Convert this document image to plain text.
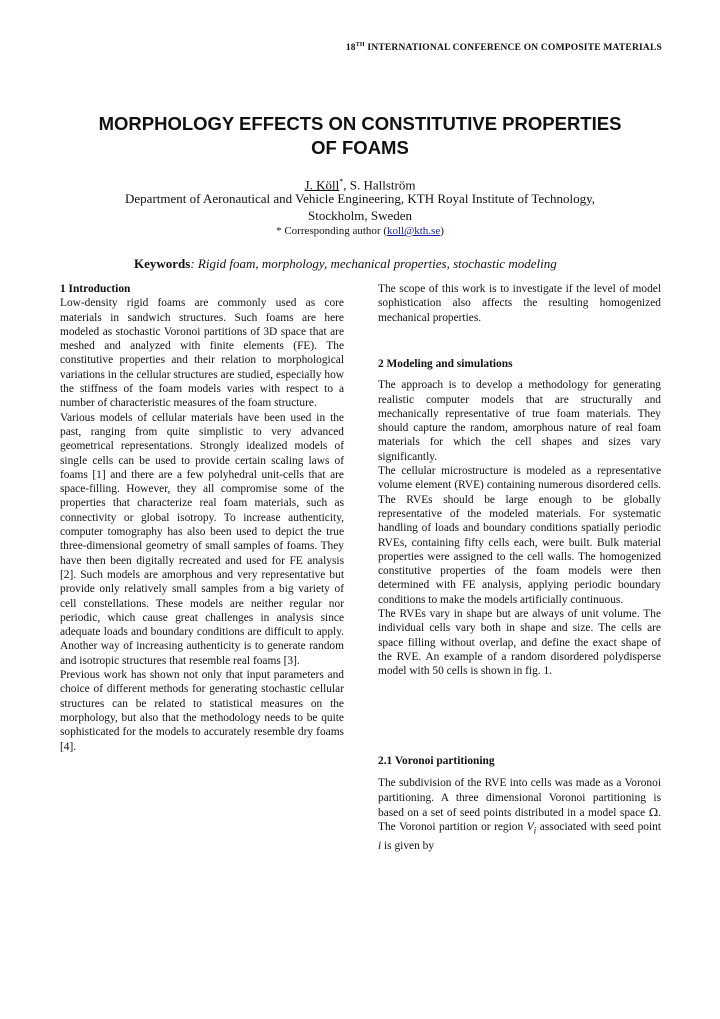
18TH INTERNATIONAL CONFERENCE ON COMPOSITE MATERIALS
MORPHOLOGY EFFECTS ON CONSTITUTIVE PROPERTIES
OF FOAMS
J. Köll*, S. Hallström
Department of Aeronautical and Vehicle Engineering, KTH Royal Institute of Technology,
Stockholm, Sweden
* Corresponding author (koll@kth.se)
Keywords: Rigid foam, morphology, mechanical properties, stochastic modeling

1 Introduction

Low-density rigid foams are commonly used as core materials in sandwich structures. Such foams are here modeled as stochastic Voronoi partitions of 3D space that are meshed and analyzed with finite elements (FE). The constitutive properties and their relation to morphological variations in the cellular structures are studied, especially how the stiffness of the foam models varies with respect to a number of characteristic measures of the foam structure.

Various models of cellular materials have been used in the past, ranging from quite simplistic to very advanced geometrical representations. Strongly idealized models of single cells can be used to provide certain scaling laws of foams [1] and there are a few polyhedral unit-cells that are space-filling. However, they all compromise some of the properties that characterize real foam materials, such as connectivity or global isotropy. To increase authenticity, computer tomography has also been used to depict the true three-dimensional geometry of small samples of foams. They have then been digitally recreated and used for FE analysis [2]. Such models are amorphous and very representative but provide only relatively small samples from a big variety of cell constellations. These models are neither regular nor periodic, which cause great challenges in analysis since adequate loads and boundary conditions are difficult to apply. Another way of increasing authenticity is to generate random and isotropic structures that resemble real foams [3].

Previous work has shown not only that input parameters and choice of different methods for generating stochastic cellular structures can be related to statistical measures on the morphology, but also that the methodology needs to be quite sophisticated for the models to accurately resemble dry foams [4].

The scope of this work is to investigate if the level of model sophistication also affects the resulting homogenized mechanical properties.

2 Modeling and simulations

The approach is to develop a methodology for generating realistic computer models that are structurally and mechanically representative of true foam materials. They should capture the random, amorphous nature of real foam materials for which the cell shapes and sizes vary significantly.

The cellular microstructure is modeled as a representative volume element (RVE) containing numerous disordered cells. The RVEs should be large enough to be globally representative of the modeled materials. For systematic handling of loads and boundary conditions spatially periodic RVEs, containing fifty cells each, were built. Bulk material properties were assigned to the cell walls. The homogenized constitutive properties of the foam models were then determined with FE analysis, applying periodic boundary conditions to make the models artificially continuous.

The RVEs vary in shape but are always of unit volume. The individual cells vary both in shape and size. The cells are space filling without overlap, and define the exact shape of the RVE. An example of a random disordered polydisperse model with 50 cells is shown in fig. 1.

2.1 Voronoi partitioning

The subdivision of the RVE into cells was made as a Voronoi partitioning. A three dimensional Voronoi partitioning is based on a set of seed points distributed in a model space Ω. The Voronoi partition or region $V_i$ associated with seed point i is given by
